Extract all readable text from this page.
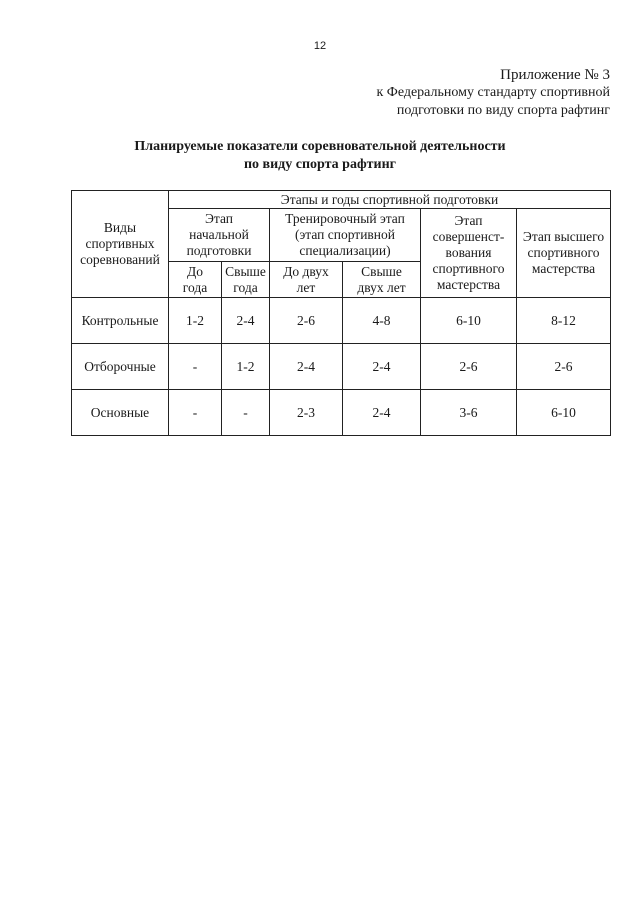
12
Приложение № 3
к Федеральному стандарту спортивной
подготовки по виду спорта рафтинг
Планируемые показатели соревновательной деятельности
по виду спорта рафтинг
Виды спортивных соревнований	Этапы и годы спортивной подготовки					
	Этап начальной подготовки		Тренировочный этап (этап спортивной специализации)		Этап совершенст-вования спортивного мастерства	Этап высшего спортивного мастерства
	До года	Свыше года	До двух лет	Свыше двух лет		
Контрольные	1-2	2-4	2-6	4-8	6-10	8-12
Отборочные	-	1-2	2-4	2-4	2-6	2-6
Основные	-	-	2-3	2-4	3-6	6-10
